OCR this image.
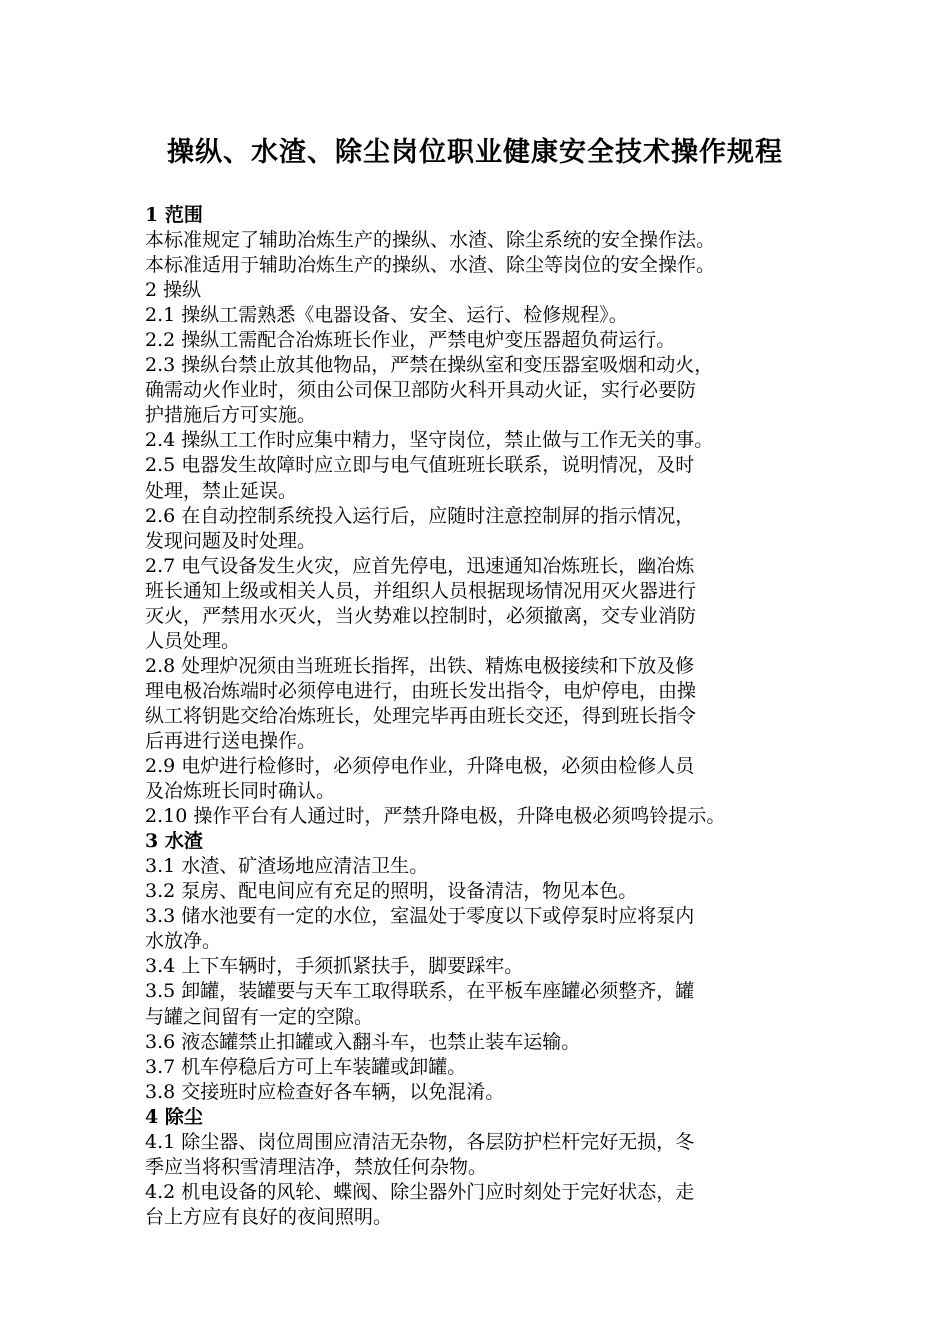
操纵、水渣、除尘岗位职业健康安全技术操作规程
1 范围
本标准规定了辅助冶炼生产的操纵、水渣、除尘系统的安全操作法。
本标准适用于辅助冶炼生产的操纵、水渣、除尘等岗位的安全操作。
2 操纵
2.1 操纵工需熟悉《电器设备、安全、运行、检修规程》。
2.2 操纵工需配合冶炼班长作业，严禁电炉变压器超负荷运行。
2.3 操纵台禁止放其他物品，严禁在操纵室和变压器室吸烟和动火，
确需动火作业时，须由公司保卫部防火科开具动火证，实行必要防
护措施后方可实施。
2.4 操纵工工作时应集中精力，坚守岗位，禁止做与工作无关的事。
2.5 电器发生故障时应立即与电气值班班长联系，说明情况，及时
处理，禁止延误。
2.6 在自动控制系统投入运行后，应随时注意控制屏的指示情况，
发现问题及时处理。
2.7 电气设备发生火灾，应首先停电，迅速通知冶炼班长，幽冶炼
班长通知上级或相关人员，并组织人员根据现场情况用灭火器进行
灭火，严禁用水灭火，当火势难以控制时，必须撤离，交专业消防
人员处理。
2.8 处理炉况须由当班班长指挥，出铁、精炼电极接续和下放及修
理电极冶炼端时必须停电进行，由班长发出指令，电炉停电，由操
纵工将钥匙交给冶炼班长，处理完毕再由班长交还，得到班长指令
后再进行送电操作。
2.9 电炉进行检修时，必须停电作业，升降电极，必须由检修人员
及冶炼班长同时确认。
2.10 操作平台有人通过时，严禁升降电极，升降电极必须鸣铃提示。
3 水渣
3.1 水渣、矿渣场地应清洁卫生。
3.2 泵房、配电间应有充足的照明，设备清洁，物见本色。
3.3 储水池要有一定的水位，室温处于零度以下或停泵时应将泵内
水放净。
3.4 上下车辆时，手须抓紧扶手，脚要踩牢。
3.5 卸罐，装罐要与天车工取得联系，在平板车座罐必须整齐，罐
与罐之间留有一定的空隙。
3.6 液态罐禁止扣罐或入翻斗车，也禁止装车运输。
3.7 机车停稳后方可上车装罐或卸罐。
3.8 交接班时应检查好各车辆，以免混淆。
4 除尘
4.1 除尘器、岗位周围应清洁无杂物，各层防护栏杆完好无损，冬
季应当将积雪清理洁净，禁放任何杂物。
4.2 机电设备的风轮、蝶阀、除尘器外门应时刻处于完好状态，走
台上方应有良好的夜间照明。
